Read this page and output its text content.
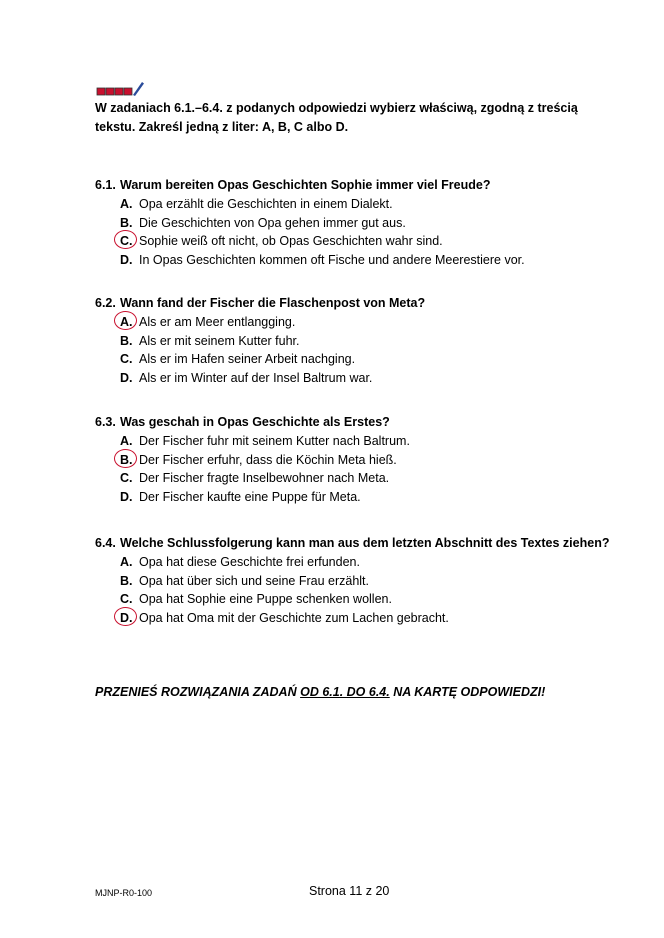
W zadaniach 6.1.–6.4. z podanych odpowiedzi wybierz właściwą, zgodną z treścią tekstu. Zakreśl jedną z liter: A, B, C albo D.
6.1. Warum bereiten Opas Geschichten Sophie immer viel Freude?
A. Opa erzählt die Geschichten in einem Dialekt.
B. Die Geschichten von Opa gehen immer gut aus.
C. Sophie weiß oft nicht, ob Opas Geschichten wahr sind.
D. In Opas Geschichten kommen oft Fische und andere Meerestiere vor.
6.2. Wann fand der Fischer die Flaschenpost von Meta?
A. Als er am Meer entlangging.
B. Als er mit seinem Kutter fuhr.
C. Als er im Hafen seiner Arbeit nachging.
D. Als er im Winter auf der Insel Baltrum war.
6.3. Was geschah in Opas Geschichte als Erstes?
A. Der Fischer fuhr mit seinem Kutter nach Baltrum.
B. Der Fischer erfuhr, dass die Köchin Meta hieß.
C. Der Fischer fragte Inselbewohner nach Meta.
D. Der Fischer kaufte eine Puppe für Meta.
6.4. Welche Schlussfolgerung kann man aus dem letzten Abschnitt des Textes ziehen?
A. Opa hat diese Geschichte frei erfunden.
B. Opa hat über sich und seine Frau erzählt.
C. Opa hat Sophie eine Puppe schenken wollen.
D. Opa hat Oma mit der Geschichte zum Lachen gebracht.
PRZENIEŚ ROZWIĄZANIA ZADAŃ OD 6.1. DO 6.4. NA KARTĘ ODPOWIEDZI!
MJNP-R0-100	Strona 11 z 20
